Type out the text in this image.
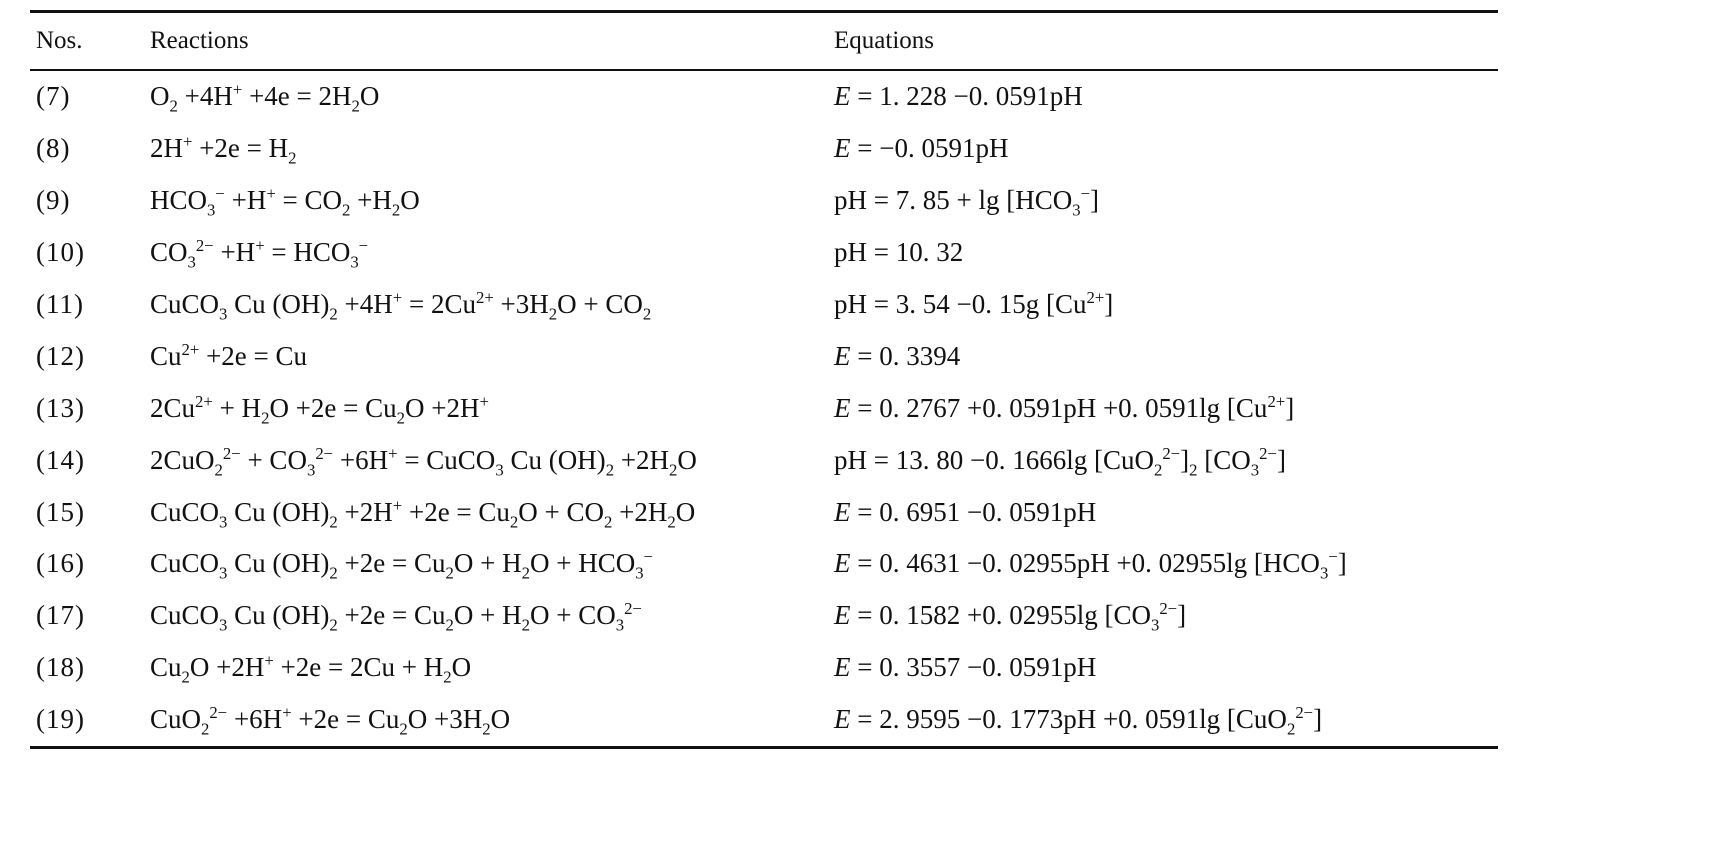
Nos.	Reactions	Equations
(7)	$O_2 +4H^+ +4e = 2H_2O$	E = 1. 228 −0. 0591pH
(8)	$2H^+ +2e = H_2$	E = −0. 0591pH
(9)	$HCO_3^- +H^+ = CO_2 +H_2O$	pH = 7. $85 + \lg [HCO_3^-]$
(10)	$CO_3^{2-} +H^+ = HCO_3^-$	pH = 10. 32
(11)	CuCO$_3$ Cu $(OH)_2 +4H^+ = 2Cu^{2+} +3H_2O + CO_2$	pH = 3. 54 −0. 15g $[Cu^{2+}]$
(12)	$Cu^{2+} +2e = Cu$	E = 0. 3394
(13)	$2Cu^{2+} + H_2O +2e = Cu_2O +2H^+$	E = 0. 2767 +0. 0591pH +0. 0591lg $[Cu^{2+}]$
(14)	$2CuO_2^{2-} + CO_3^{2-} +6H^+$ = CuCO$_3$ Cu $(OH)_2 +2H_2O$	pH = 13. 80 −0. 1666lg $[CuO_2^{2-}]_2$ $[CO_3^{2-}]$
(15)	CuCO$_3$ Cu $(OH)_2 +2H^+ +2e = Cu_2O + CO_2 +2H_2O$	E = 0. 6951 −0. 0591pH
(16)	CuCO$_3$ Cu $(OH)_2 +2e = Cu_2O + H_2O + HCO_3^-$	E = 0. 4631 −0. 02955pH +0. 02955lg $[HCO_3^-]$
(17)	CuCO$_3$ Cu $(OH)_2 +2e = Cu_2O + H_2O + CO_3^{2-}$	E = 0. 1582 +0. 02955lg $[CO_3^{2-}]$
(18)	$Cu_2O +2H^+ +2e = 2Cu + H_2O$	E = 0. 3557 −0. 0591pH
(19)	$CuO_2^{2-} +6H^+ +2e = Cu_2O +3H_2O$	E = 2. 9595 −0. 1773pH +0. 0591lg [CuO$_2^{2-}$]
